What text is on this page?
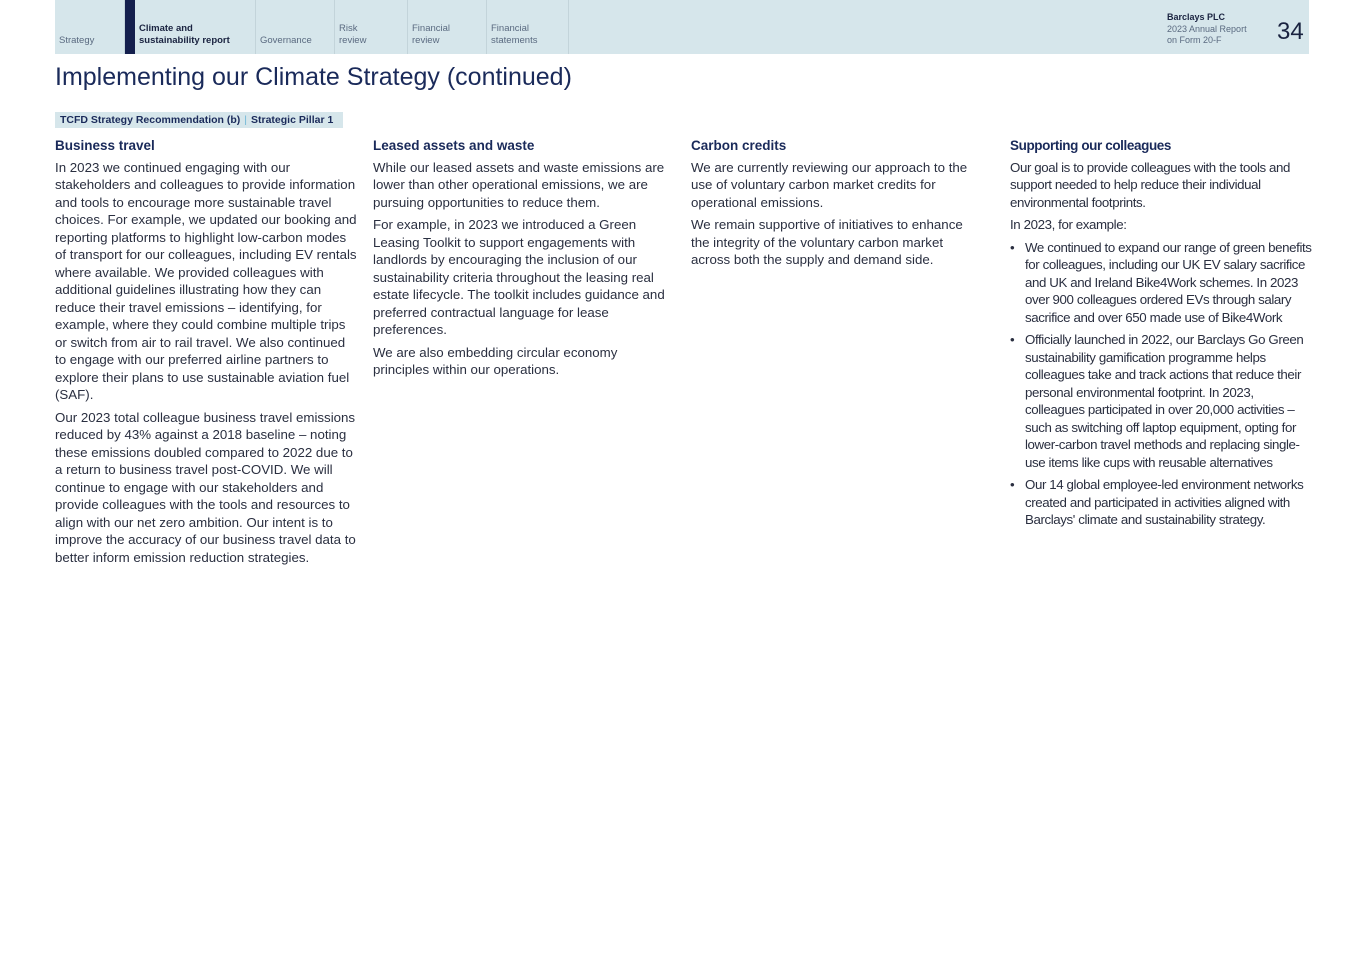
Strategy
Climate and sustainability report	Governance
Risk review
Financial review
Financial statements
Barclays PLC
2023 Annual Report
on Form 20-F	34
Implementing our Climate Strategy (continued)
TCFD Strategy Recommendation (b) | Strategic Pillar 1
Business travel

In 2023 we continued engaging with our stakeholders and colleagues to provide information and tools to encourage more sustainable travel choices. For example, we updated our booking and reporting platforms to highlight low-carbon modes of transport for our colleagues, including EV rentals where available. We provided colleagues with additional guidelines illustrating how they can reduce their travel emissions – identifying, for example, where they could combine multiple trips or switch from air to rail travel. We also continued to engage with our preferred airline partners to explore their plans to use sustainable aviation fuel (SAF).

Our 2023 total colleague business travel emissions reduced by 43% against a 2018 baseline – noting these emissions doubled compared to 2022 due to a return to business travel post-COVID. We will continue to engage with our stakeholders and provide colleagues with the tools and resources to align with our net zero ambition. Our intent is to improve the accuracy of our business travel data to better inform emission reduction strategies.

Leased assets and waste

While our leased assets and waste emissions are lower than other operational emissions, we are pursuing opportunities to reduce them.

For example, in 2023 we introduced a Green Leasing Toolkit to support engagements with landlords by encouraging the inclusion of our sustainability criteria throughout the leasing real estate lifecycle. The toolkit includes guidance and preferred contractual language for lease preferences.

We are also embedding circular economy principles within our operations.

Carbon credits

We are currently reviewing our approach to the use of voluntary carbon market credits for operational emissions.

We remain supportive of initiatives to enhance the integrity of the voluntary carbon market across both the supply and demand side.

Supporting our colleagues

Our goal is to provide colleagues with the tools and support needed to help reduce their individual environmental footprints.

In 2023, for example:

• We continued to expand our range of green benefits for colleagues, including our UK EV salary sacrifice and UK and Ireland Bike4Work schemes. In 2023 over 900 colleagues ordered EVs through salary sacrifice and over 650 made use of Bike4Work
• Officially launched in 2022, our Barclays Go Green sustainability gamification programme helps colleagues take and track actions that reduce their personal environmental footprint. In 2023, colleagues participated in over 20,000 activities – such as switching off laptop equipment, opting for lower-carbon travel methods and replacing single-use items like cups with reusable alternatives
• Our 14 global employee-led environment networks created and participated in activities aligned with Barclays' climate and sustainability strategy.
